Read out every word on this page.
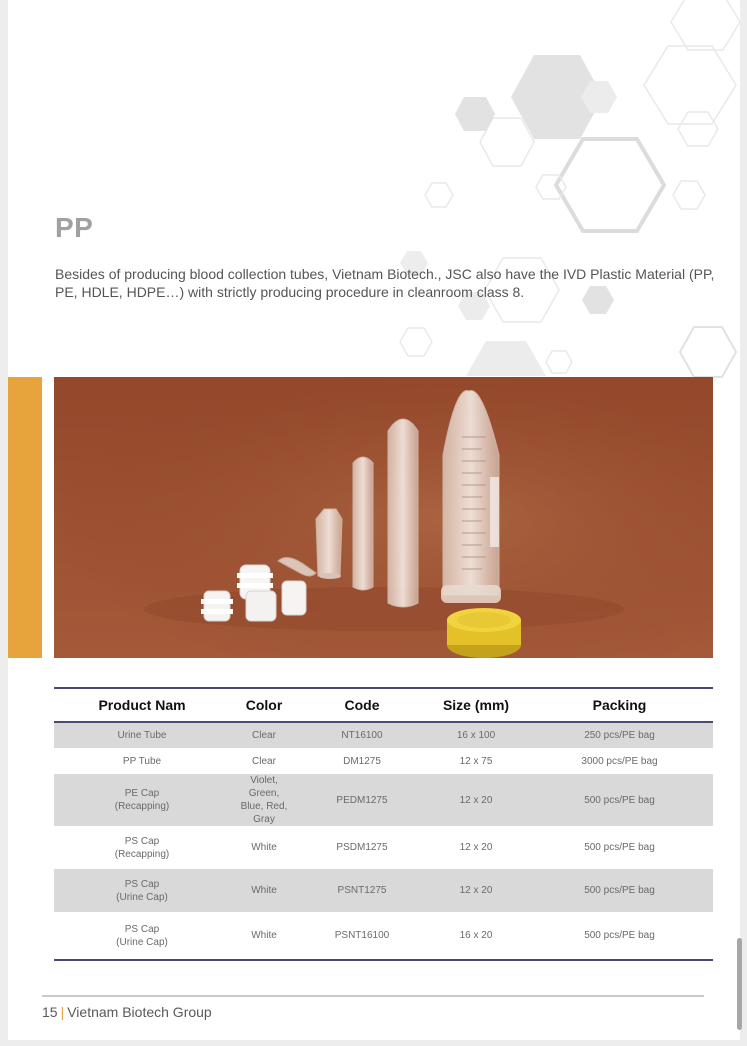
PP

Besides of producing blood collection tubes, Vietnam Biotech., JSC also have the IVD Plastic Material (PP, PE, HDLE, HDPE…) with strictly producing procedure in cleanroom class 8.

Product Nam	Color	Code	Size (mm)	Packing
Urine Tube	Clear	NT16100	16 x 100	250 pcs/PE bag
PP Tube	Clear	DM1275	12 x 75	3000 pcs/PE bag
PE Cap
(Recapping)	Violet, Green,
Blue, Red, Gray	PEDM1275	12 x 20	500 pcs/PE bag
PS Cap
(Recapping)	White	PSDM1275	12 x 20	500 pcs/PE bag
PS Cap
(Urine Cap)	White	PSNT1275	12 x 20	500 pcs/PE bag
PS Cap
(Urine Cap)	White	PSNT16100	16 x 20	500 pcs/PE bag
15 | Vietnam Biotech Group
